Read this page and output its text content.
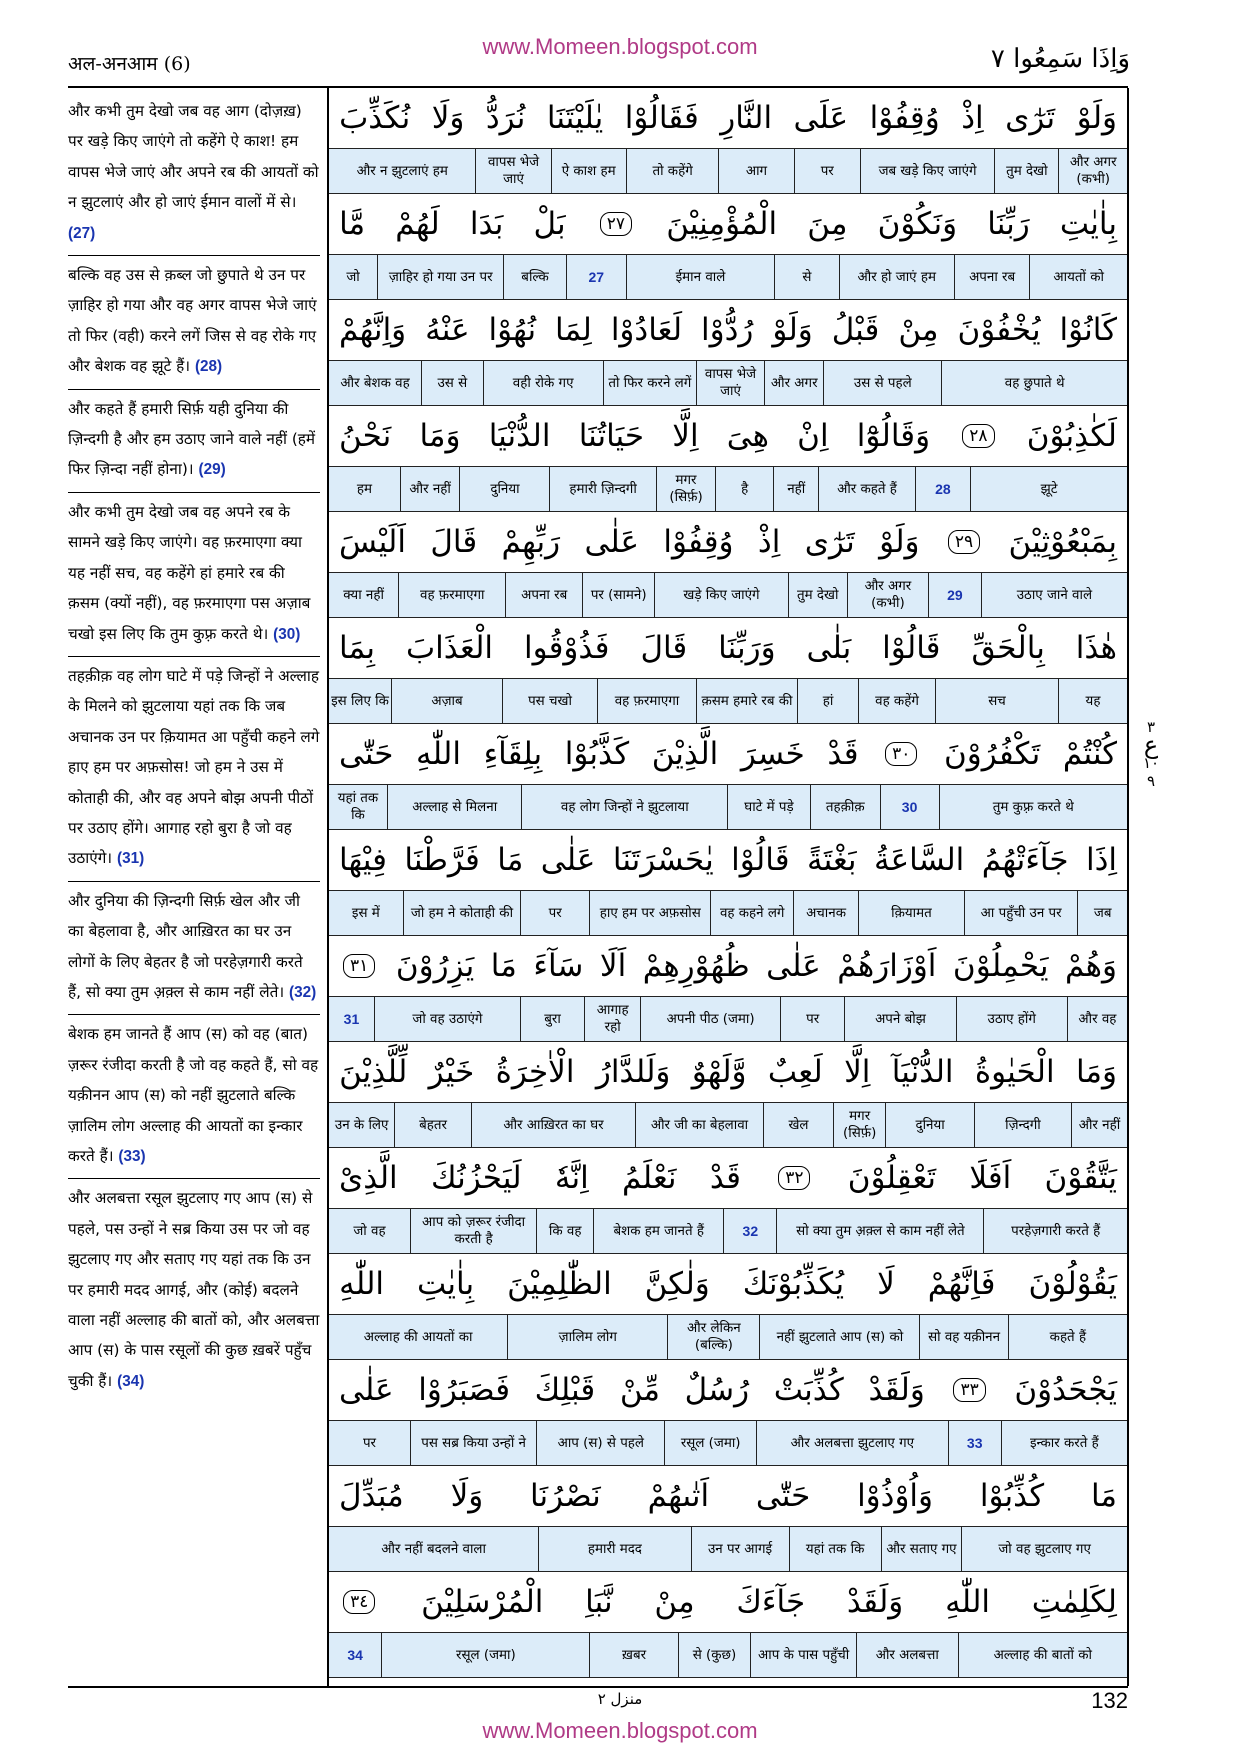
अल-अनआम (6)
www.Momeen.blogspot.com	وَاِذَا سَمِعُوا ۷

और कभी तुम देखो जब वह आग (दोज़ख़) पर खड़े किए जाएंगे तो कहेंगे ऐ काश! हम वापस भेजे जाएं और अपने रब की आयतों को न झुटलाएं और हो जाएं ईमान वालों में से। (27)

बल्कि वह उस से क़ब्ल जो छुपाते थे उन पर ज़ाहिर हो गया और वह अगर वापस भेजे जाएं तो फिर (वही) करने लगें जिस से वह रोके गए और बेशक वह झूटे हैं। (28)

और कहते हैं हमारी सिर्फ़ यही दुनिया की ज़िन्दगी है और हम उठाए जाने वाले नहीं (हमें फिर ज़िन्दा नहीं होना)। (29)

और कभी तुम देखो जब वह अपने रब के सामने खड़े किए जाएंगे। वह फ़रमाएगा क्या यह नहीं सच, वह कहेंगे हां हमारे रब की क़सम (क्यों नहीं), वह फ़रमाएगा पस अज़ाब चखो इस लिए कि तुम कुफ़्र करते थे। (30)

तहक़ीक़ वह लोग घाटे में पड़े जिन्हों ने अल्लाह के मिलने को झुटलाया यहां तक कि जब अचानक उन पर क़ियामत आ पहुँची कहने लगे हाए हम पर अफ़सोस! जो हम ने उस में कोताही की, और वह अपने बोझ अपनी पीठों पर उठाए होंगे। आगाह रहो बुरा है जो वह उठाएंगे। (31)

और दुनिया की ज़िन्दगी सिर्फ़ खेल और जी का बेहलावा है, और आख़िरत का घर उन लोगों के लिए बेहतर है जो परहेज़गारी करते हैं, सो क्या तुम अ़क़्ल से काम नहीं लेते। (32)

बेशक हम जानते हैं आप (स) को वह (बात) ज़रूर रंजीदा करती है जो वह कहते हैं, सो वह यक़ीनन आप (स) को नहीं झुटलाते बल्कि ज़ालिम लोग अल्लाह की आयतों का इन्कार करते हैं। (33)

और अलबत्ता रसूल झुटलाए गए आप (स) से पहले, पस उन्हों ने सब्र किया उस पर जो वह झुटलाए गए और सताए गए यहां तक कि उन पर हमारी मदद आगई, और (कोई) बदलने वाला नहीं अल्लाह की बातों को, और अलबत्ता आप (स) के पास रसूलों की कुछ ख़बरें पहुँच चुकी हैं। (34)

وَلَوْ
تَرٰٓى
اِذْ
وُقِفُوْا
عَلَى
النَّارِ
فَقَالُوْا
يٰلَيْتَنَا
نُرَدُّ
وَلَا
نُكَذِّبَ
और अगर (कभी)
तुम देखो
जब खड़े किए जाएंगे
पर
आग
तो कहेंगे
ऐ काश हम
वापस भेजे जाएं
और न झुटलाएं हम
بِاٰيٰتِ
رَبِّنَا
وَنَكُوْنَ
مِنَ
الْمُؤْمِنِيْنَ
٢٧
بَلْ
بَدَا
لَهُمْ
مَّا
आयतों को
अपना रब
और हो जाएं हम
से
ईमान वाले
27
बल्कि
ज़ाहिर हो गया उन पर
जो
كَانُوْا
يُخْفُوْنَ
مِنْ
قَبْلُ
وَلَوْ
رُدُّوْا
لَعَادُوْا
لِمَا
نُهُوْا
عَنْهُ
وَاِنَّهُمْ
वह छुपाते थे
उस से पहले
और अगर
वापस भेजे जाएं
तो फिर करने लगें
वही रोके गए
उस से
और बेशक वह
لَكٰذِبُوْنَ
٢٨
وَقَالُوْٓا
اِنْ
هِىَ
اِلَّا
حَيَاتُنَا
الدُّنْيَا
وَمَا
نَحْنُ
झूटे
28
और कहते हैं
नहीं
है
मगर (सिर्फ़)
हमारी ज़िन्दगी
दुनिया
और नहीं
हम
بِمَبْعُوْثِيْنَ
٢٩
وَلَوْ
تَرٰٓى
اِذْ
وُقِفُوْا
عَلٰى
رَبِّهِمْ
قَالَ
اَلَيْسَ
उठाए जाने वाले
29
और अगर (कभी)
तुम देखो
खड़े किए जाएंगे
पर (सामने)
अपना रब
वह फ़रमाएगा
क्या नहीं
هٰذَا
بِالْحَقِّ
قَالُوْا
بَلٰى
وَرَبِّنَا
قَالَ
فَذُوْقُوا
الْعَذَابَ
بِمَا
यह
सच
वह कहेंगे
हां
क़सम हमारे रब की
वह फ़रमाएगा
पस चखो
अज़ाब
इस लिए कि
كُنْتُمْ
تَكْفُرُوْنَ
٣٠
قَدْ
خَسِرَ
الَّذِيْنَ
كَذَّبُوْا
بِلِقَآءِ
اللّٰهِ
حَتّٰى
तुम कुफ़्र करते थे
30
तहक़ीक़
घाटे में पड़े
वह लोग जिन्हों ने झुटलाया
अल्लाह से मिलना
यहां तक कि
اِذَا
جَآءَتْهُمُ
السَّاعَةُ
بَغْتَةً
قَالُوْا
يٰحَسْرَتَنَا
عَلٰى
مَا
فَرَّطْنَا
فِيْهَا
जब
आ पहुँची उन पर
क़ियामत
अचानक
वह कहने लगे
हाए हम पर अफ़सोस
पर
जो हम ने कोताही की
इस में
وَهُمْ
يَحْمِلُوْنَ
اَوْزَارَهُمْ
عَلٰى
ظُهُوْرِهِمْ
اَلَا
سَآءَ
مَا
يَزِرُوْنَ
٣١
और वह
उठाए होंगे
अपने बोझ
पर
अपनी पीठ (जमा)
आगाह रहो
बुरा
जो वह उठाएंगे
31
وَمَا
الْحَيٰوةُ
الدُّنْيَآ
اِلَّا
لَعِبٌ
وَّلَهْوٌ
وَلَلدَّارُ
الْاٰخِرَةُ
خَيْرٌ
لِّلَّذِيْنَ
और नहीं
ज़िन्दगी
दुनिया
मगर (सिर्फ़)
खेल
और जी का बेहलावा
और आख़िरत का घर
बेहतर
उन के लिए
يَتَّقُوْنَ
اَفَلَا
تَعْقِلُوْنَ
٣٢
قَدْ
نَعْلَمُ
اِنَّهٗ
لَيَحْزُنُكَ
الَّذِىْ
परहेज़गारी करते हैं
सो क्या तुम अ़क़्ल से काम नहीं लेते
32
बेशक हम जानते हैं
कि वह
आप को ज़रूर रंजीदा करती है
जो वह
يَقُوْلُوْنَ
فَاِنَّهُمْ
لَا
يُكَذِّبُوْنَكَ
وَلٰكِنَّ
الظّٰلِمِيْنَ
بِاٰيٰتِ
اللّٰهِ
कहते हैं
सो वह यक़ीनन
नहीं झुटलाते आप (स) को
और लेकिन (बल्कि)
ज़ालिम लोग
अल्लाह की आयतों का
يَجْحَدُوْنَ
٣٣
وَلَقَدْ
كُذِّبَتْ
رُسُلٌ
مِّنْ
قَبْلِكَ
فَصَبَرُوْا
عَلٰى
इन्कार करते हैं
33
और अलबत्ता झुटलाए गए
रसूल (जमा)
आप (स) से पहले
पस सब्र किया उन्हों ने
पर
مَا
كُذِّبُوْا
وَاُوْذُوْا
حَتّٰى
اَتٰىهُمْ
نَصْرُنَا
وَلَا
مُبَدِّلَ
जो वह झुटलाए गए
और सताए गए
यहां तक कि
उन पर आगई
हमारी मदद
और नहीं बदलने वाला
لِكَلِمٰتِ
اللّٰهِ
وَلَقَدْ
جَآءَكَ
مِنْ
نَّبَاِ
الْمُرْسَلِيْنَ
٣٤
अल्लाह की बातों को
और अलबत्ता
आप के पास पहुँची
से (कुछ)
ख़बर
रसूल (जमा)
34
٣
ع
١٠
٩
منزل ٢	132
www.Momeen.blogspot.com
